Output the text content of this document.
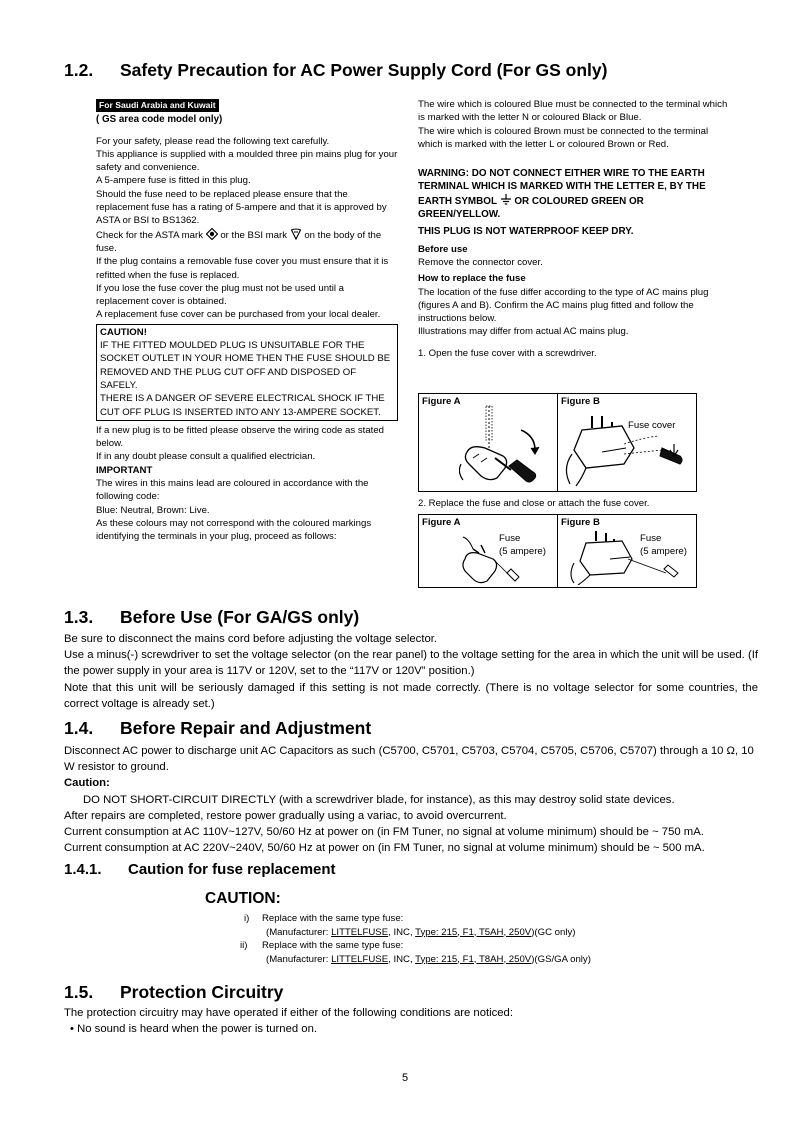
1.2. Safety Precaution for AC Power Supply Cord (For GS only)
For Saudi Arabia and Kuwait

( GS area code model only)

For your safety, please read the following text carefully.

This appliance is supplied with a moulded three pin mains plug for your safety and convenience.

A 5-ampere fuse is fitted in this plug.

Should the fuse need to be replaced please ensure that the replacement fuse has a rating of 5-ampere and that it is approved by ASTA or BSI to BS1362.

Check for the ASTA mark or the BSI mark on the body of the fuse.

If the plug contains a removable fuse cover you must ensure that it is refitted when the fuse is replaced.

If you lose the fuse cover the plug must not be used until a replacement cover is obtained.

A replacement fuse cover can be purchased from your local dealer.

CAUTION!

IF THE FITTED MOULDED PLUG IS UNSUITABLE FOR THE SOCKET OUTLET IN YOUR HOME THEN THE FUSE SHOULD BE REMOVED AND THE PLUG CUT OFF AND DISPOSED OF SAFELY.

THERE IS A DANGER OF SEVERE ELECTRICAL SHOCK IF THE CUT OFF PLUG IS INSERTED INTO ANY 13-AMPERE SOCKET.

If a new plug is to be fitted please observe the wiring code as stated below.

If in any doubt please consult a qualified electrician.

IMPORTANT

The wires in this mains lead are coloured in accordance with the following code:

Blue: Neutral, Brown: Live.

As these colours may not correspond with the coloured markings identifying the terminals in your plug, proceed as follows:

The wire which is coloured Blue must be connected to the terminal which is marked with the letter N or coloured Black or Blue.

The wire which is coloured Brown must be connected to the terminal which is marked with the letter L or coloured Brown or Red.

WARNING: DO NOT CONNECT EITHER WIRE TO THE EARTH TERMINAL WHICH IS MARKED WITH THE LETTER E, BY THE EARTH SYMBOL OR COLOURED GREEN OR GREEN/YELLOW.

THIS PLUG IS NOT WATERPROOF KEEP DRY.

Before use

Remove the connector cover.

How to replace the fuse

The location of the fuse differ according to the type of AC mains plug (figures A and B). Confirm the AC mains plug fitted and follow the instructions below.

Illustrations may differ from actual AC mains plug.

1. Open the fuse cover with a screwdriver.

Figure A	Figure B
Fuse cover

2. Replace the fuse and close or attach the fuse cover.

Figure A
Fuse
(5 ampere)
Figure B
Fuse
(5 ampere)
1.3. Before Use (For GA/GS only)

Be sure to disconnect the mains cord before adjusting the voltage selector.

Use a minus(-) screwdriver to set the voltage selector (on the rear panel) to the voltage setting for the area in which the unit will be used. (If the power supply in your area is 117V or 120V, set to the “117V or 120V” position.)

Note that this unit will be seriously damaged if this setting is not made correctly. (There is no voltage selector for some countries, the correct voltage is already set.)

1.4. Before Repair and Adjustment

Disconnect AC power to discharge unit AC Capacitors as such (C5700, C5701, C5703, C5704, C5705, C5706, C5707) through a 10 Ω, 10 W resistor to ground.

Caution:

DO NOT SHORT-CIRCUIT DIRECTLY (with a screwdriver blade, for instance), as this may destroy solid state devices.

After repairs are completed, restore power gradually using a variac, to avoid overcurrent.

Current consumption at AC 110V~127V, 50/60 Hz at power on (in FM Tuner, no signal at volume minimum) should be ~ 750 mA.

Current consumption at AC 220V~240V, 50/60 Hz at power on (in FM Tuner, no signal at volume minimum) should be ~ 500 mA.

1.4.1. Caution for fuse replacement
CAUTION:
i) Replace with the same type fuse:
(Manufacturer: LITTELFUSE, INC, Type: 215, F1, T5AH, 250V)(GC only)
ii) Replace with the same type fuse:
(Manufacturer: LITTELFUSE, INC, Type: 215, F1, T8AH, 250V)(GS/GA only)
1.5. Protection Circuitry

The protection circuitry may have operated if either of the following conditions are noticed:

• No sound is heard when the power is turned on.

5
